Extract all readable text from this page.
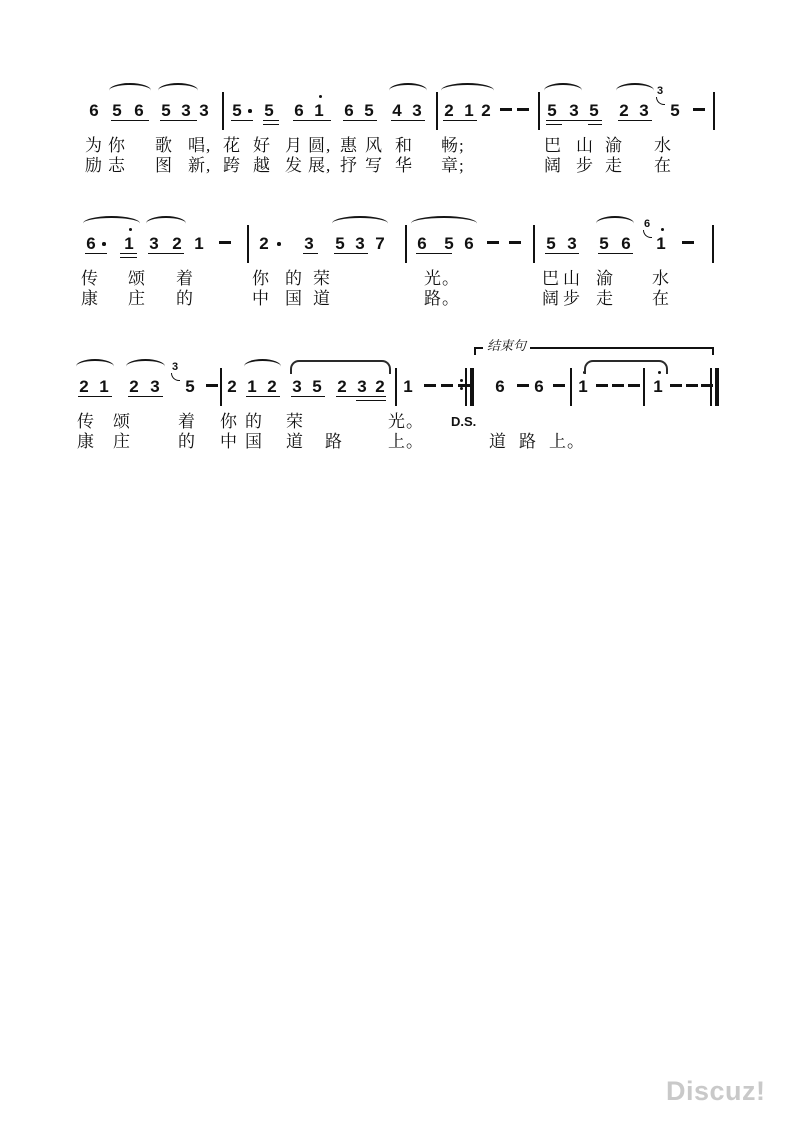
6 5 6 5 3 3 5 5 6 1 6 5 4 3 2 1 2	5 3 5 2 3
3
5
为 你 歌 唱, 花 好 月 圆, 惠 风 和 畅;	巴 山 渝 水
励 志 图 新, 跨 越 发 展, 抒 写 华 章;	阔 步 走 在
6 1 3 2 1	2 3 5 3 7 6 5 6	5 3 5 6
6
1
传 颂 着	你 的 荣	光。	巴 山 渝 水
康 庄 的	中 国 道	路。	阔 步 走 在
2 1 2 3
3
5 2 1 2 3 5 2 3 2 1	6 6 1	1
传 颂	着 你 的 荣	光。
康 庄	的 中 国 道 路	上。	道 路 上。
结束句
D.S.
Discuz!
